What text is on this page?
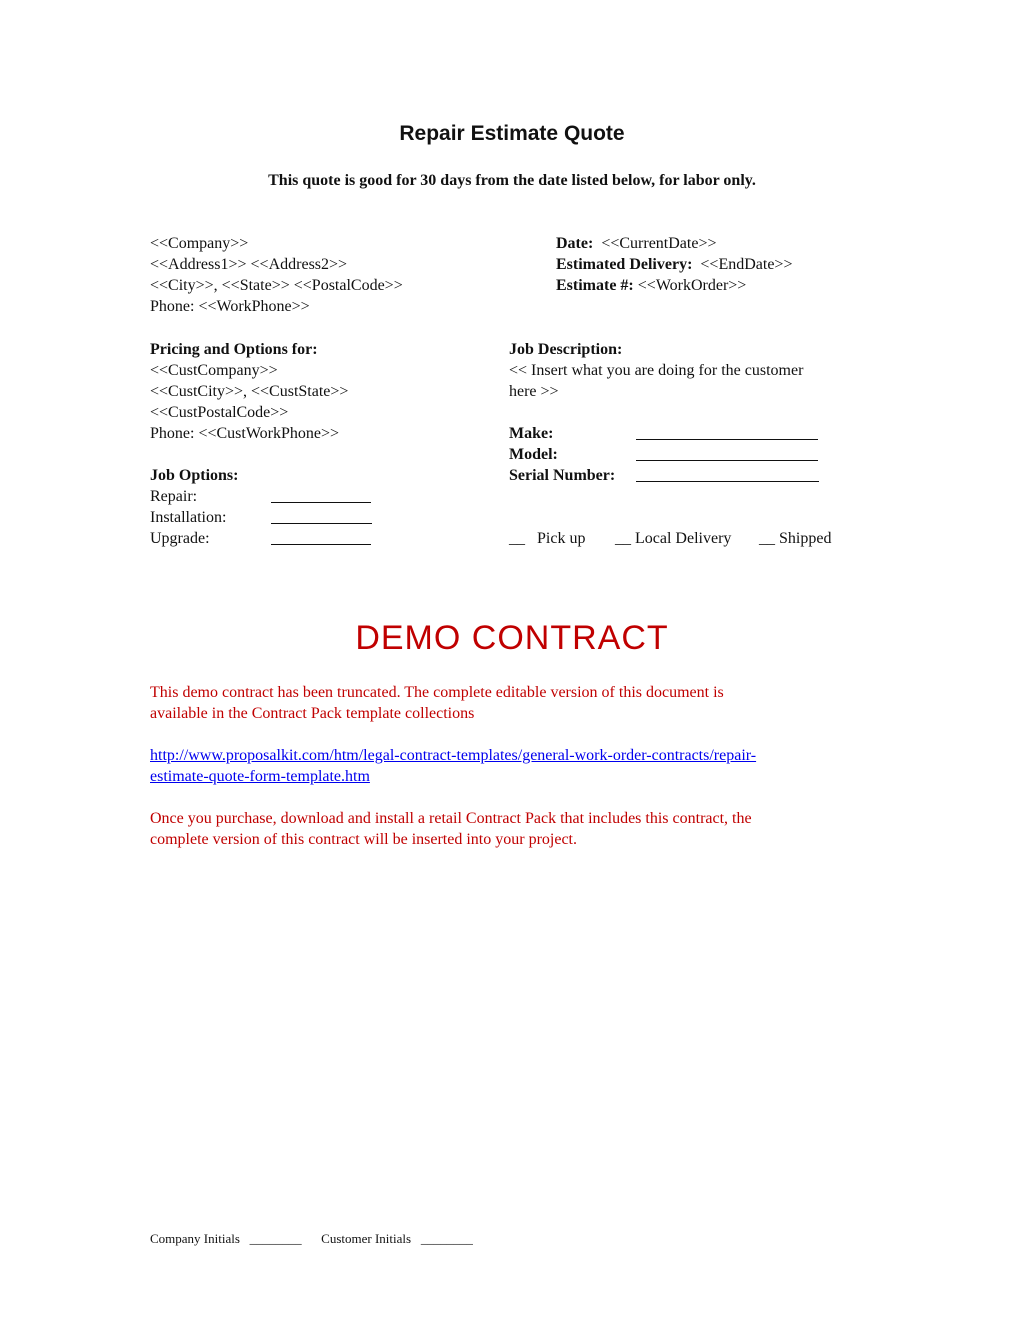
Repair Estimate Quote
This quote is good for 30 days from the date listed below, for labor only.
<<Company>>
<<Address1>> <<Address2>>
<<City>>, <<State>> <<PostalCode>>
Phone: <<WorkPhone>>
Date: <<CurrentDate>>
Estimated Delivery: <<EndDate>>
Estimate #: <<WorkOrder>>
Pricing and Options for:
<<CustCompany>>
<<CustCity>>, <<CustState>>
<<CustPostalCode>>
Phone: <<CustWorkPhone>>
Job Description:
<< Insert what you are doing for the customer
here >>
Make:
Model:
Serial Number:
Job Options:
Repair:
Installation:
Upgrade:	__ Pick up __ Local Delivery __ Shipped
DEMO CONTRACT
This demo contract has been truncated. The complete editable version of this document is
available in the Contract Pack template collections
http://www.proposalkit.com/htm/legal-contract-templates/general-work-order-contracts/repair-
estimate-quote-form-template.htm
Once you purchase, download and install a retail Contract Pack that includes this contract, the
complete version of this contract will be inserted into your project.
Company Initials ________ Customer Initials ________
